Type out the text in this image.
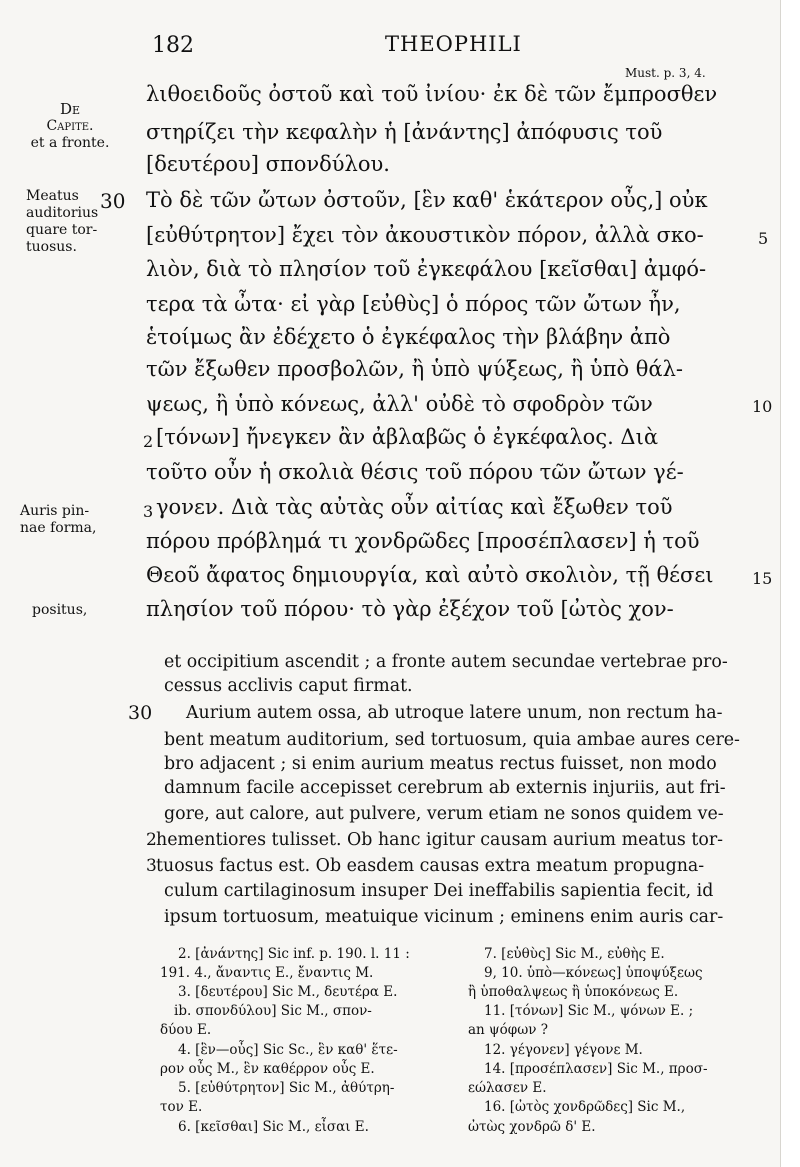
182	THEOPHILI
Must. p. 3, 4.
De
Capite.
et a fronte.
Meatus
auditorius
quare tor-
tuosus.
Auris pin-
nae forma,
positus,
λιθοειδοῦς ὀστοῦ καὶ τοῦ ἰνίου· ἐκ δὲ τῶν ἔμπροσθεν
στηρίζει τὴν κεφαλὴν ἡ [ἀνάντης] ἀπόφυσις τοῦ
[δευτέρου] σπονδύλου.
30 Τὸ δὲ τῶν ὤτων ὀστοῦν, [ἓν καθ' ἑκάτερον οὖς,] οὐκ
[εὐθύτρητον] ἔχει τὸν ἀκουστικὸν πόρον, ἀλλὰ σκο-	5
λιὸν, διὰ τὸ πλησίον τοῦ ἐγκεφάλου [κεῖσθαι] ἀμφό-
τερα τὰ ὦτα· εἰ γὰρ [εὐθὺς] ὁ πόρος τῶν ὤτων ἦν,
ἑτοίμως ἂν ἐδέχετο ὁ ἐγκέφαλος τὴν βλάβην ἀπὸ
τῶν ἔξωθεν προσβολῶν, ἢ ὑπὸ ψύξεως, ἢ ὑπὸ θάλ-
ψεως, ἢ ὑπὸ κόνεως, ἀλλ' οὐδὲ τὸ σφοδρὸν τῶν	10
2 [τόνων] ἤνεγκεν ἂν ἀβλαβῶς ὁ ἐγκέφαλος. Διὰ
τοῦτο οὖν ἡ σκολιὰ θέσις τοῦ πόρου τῶν ὤτων γέ-
3 γονεν. Διὰ τὰς αὐτὰς οὖν αἰτίας καὶ ἔξωθεν τοῦ
πόρου πρόβλημά τι χονδρῶδες [προσέπλασεν] ἡ τοῦ
Θεοῦ ἄφατος δημιουργία, καὶ αὐτὸ σκολιὸν, τῇ θέσει	15
πλησίον τοῦ πόρου· τὸ γὰρ ἐξέχον τοῦ [ὠτὸς χον-
et occipitium ascendit ; a fronte autem secundae vertebrae pro-
cessus acclivis caput firmat.
30 Aurium autem ossa, ab utroque latere unum, non rectum ha-
bent meatum auditorium, sed tortuosum, quia ambae aures cere-
bro adjacent ; si enim aurium meatus rectus fuisset, non modo
damnum facile accepisset cerebrum ab externis injuriis, aut fri-
gore, aut calore, aut pulvere, verum etiam ne sonos quidem ve-
2 hementiores tulisset. Ob hanc igitur causam aurium meatus tor-
3 tuosus factus est. Ob easdem causas extra meatum propugna-
culum cartilaginosum insuper Dei ineffabilis sapientia fecit, id
ipsum tortuosum, meatuique vicinum ; eminens enim auris car-
2. [ἀνάντης] Sic inf. p. 190. l. 11 :
191. 4., ἄναντις E., ἔναντις M.
3. [δευτέρου] Sic M., δευτέρα E.
ib. σπονδύλου] Sic M., σπον-
δύου E.
4. [ἓν—οὖς] Sic Sc., ἓν καθ' ἕτε-
ρον οὖς M., ἓν καθέρρον οὖς E.
5. [εὐθύτρητον] Sic M., ἀθύτρη-
τον E.
6. [κεῖσθαι] Sic M., εἶσαι E.
7. [εὐθὺς] Sic M., εὐθὴς E.
9, 10. ὑπὸ—κόνεως] ὑποψύξεως
ἢ ὑποθαλψεως ἢ ὑποκόνεως E.
11. [τόνων] Sic M., ψόνων E. ;
an ψόφων ?
12. γέγονεν] γέγονε M.
14. [προσέπλασεν] Sic M., προσ-
εώλασεν E.
16. [ὠτὸς χονδρῶδες] Sic M.,
ὠτὼς χονδρῶ δ' E.
